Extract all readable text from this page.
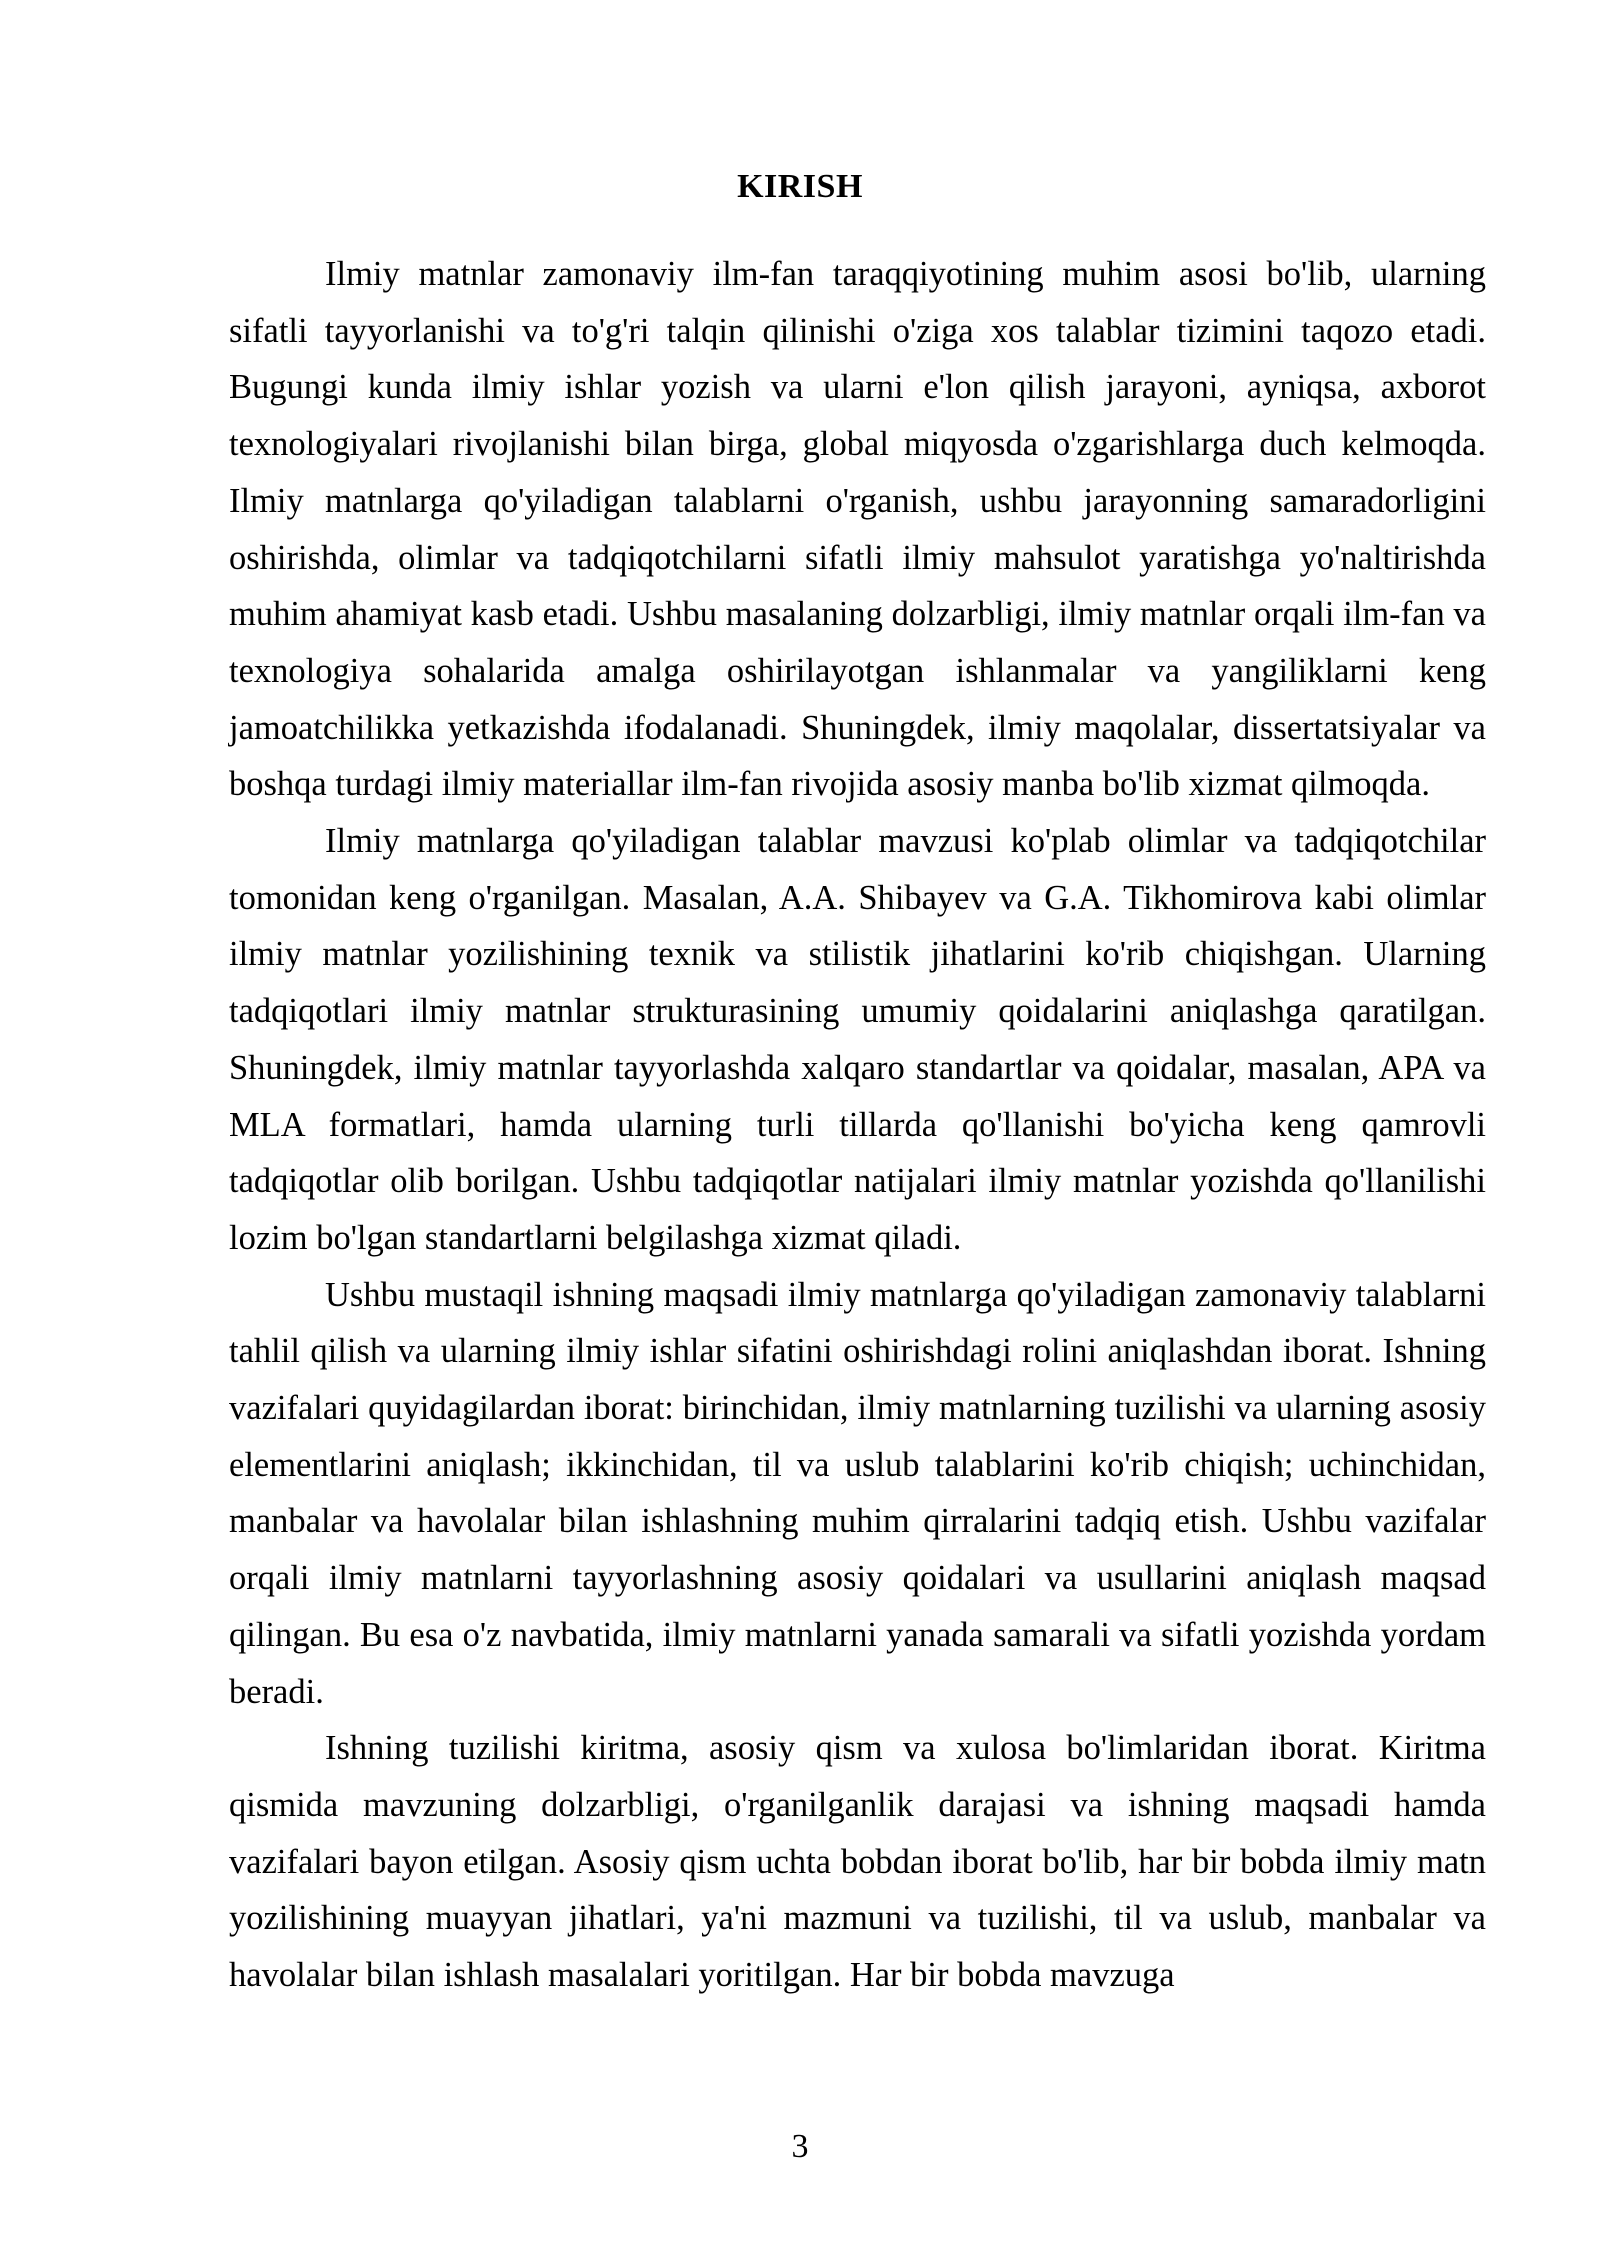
KIRISH

Ilmiy matnlar zamonaviy ilm-fan taraqqiyotining muhim asosi bo'lib, ularning sifatli tayyorlanishi va to'g'ri talqin qilinishi o'ziga xos talablar tizimini taqozo etadi. Bugungi kunda ilmiy ishlar yozish va ularni e'lon qilish jarayoni, ayniqsa, axborot texnologiyalari rivojlanishi bilan birga, global miqyosda o'zgarishlarga duch kelmoqda. Ilmiy matnlarga qo'yiladigan talablarni o'rganish, ushbu jarayonning samaradorligini oshirishda, olimlar va tadqiqotchilarni sifatli ilmiy mahsulot yaratishga yo'naltirishda muhim ahamiyat kasb etadi. Ushbu masalaning dolzarbligi, ilmiy matnlar orqali ilm-fan va texnologiya sohalarida amalga oshirilayotgan ishlanmalar va yangiliklarni keng jamoatchilikka yetkazishda ifodalanadi. Shuningdek, ilmiy maqolalar, dissertatsiyalar va boshqa turdagi ilmiy materiallar ilm-fan rivojida asosiy manba bo'lib xizmat qilmoqda.

Ilmiy matnlarga qo'yiladigan talablar mavzusi ko'plab olimlar va tadqiqotchilar tomonidan keng o'rganilgan. Masalan, A.A. Shibayev va G.A. Tikhomirova kabi olimlar ilmiy matnlar yozilishining texnik va stilistik jihatlarini ko'rib chiqishgan. Ularning tadqiqotlari ilmiy matnlar strukturasining umumiy qoidalarini aniqlashga qaratilgan. Shuningdek, ilmiy matnlar tayyorlashda xalqaro standartlar va qoidalar, masalan, APA va MLA formatlari, hamda ularning turli tillarda qo'llanishi bo'yicha keng qamrovli tadqiqotlar olib borilgan. Ushbu tadqiqotlar natijalari ilmiy matnlar yozishda qo'llanilishi lozim bo'lgan standartlarni belgilashga xizmat qiladi.

Ushbu mustaqil ishning maqsadi ilmiy matnlarga qo'yiladigan zamonaviy talablarni tahlil qilish va ularning ilmiy ishlar sifatini oshirishdagi rolini aniqlashdan iborat. Ishning vazifalari quyidagilardan iborat: birinchidan, ilmiy matnlarning tuzilishi va ularning asosiy elementlarini aniqlash; ikkinchidan, til va uslub talablarini ko'rib chiqish; uchinchidan, manbalar va havolalar bilan ishlashning muhim qirralarini tadqiq etish. Ushbu vazifalar orqali ilmiy matnlarni tayyorlashning asosiy qoidalari va usullarini aniqlash maqsad qilingan. Bu esa o'z navbatida, ilmiy matnlarni yanada samarali va sifatli yozishda yordam beradi.

Ishning tuzilishi kiritma, asosiy qism va xulosa bo'limlaridan iborat. Kiritma qismida mavzuning dolzarbligi, o'rganilganlik darajasi va ishning maqsadi hamda vazifalari bayon etilgan. Asosiy qism uchta bobdan iborat bo'lib, har bir bobda ilmiy matn yozilishining muayyan jihatlari, ya'ni mazmuni va tuzilishi, til va uslub, manbalar va havolalar bilan ishlash masalalari yoritilgan. Har bir bobda mavzuga

3
